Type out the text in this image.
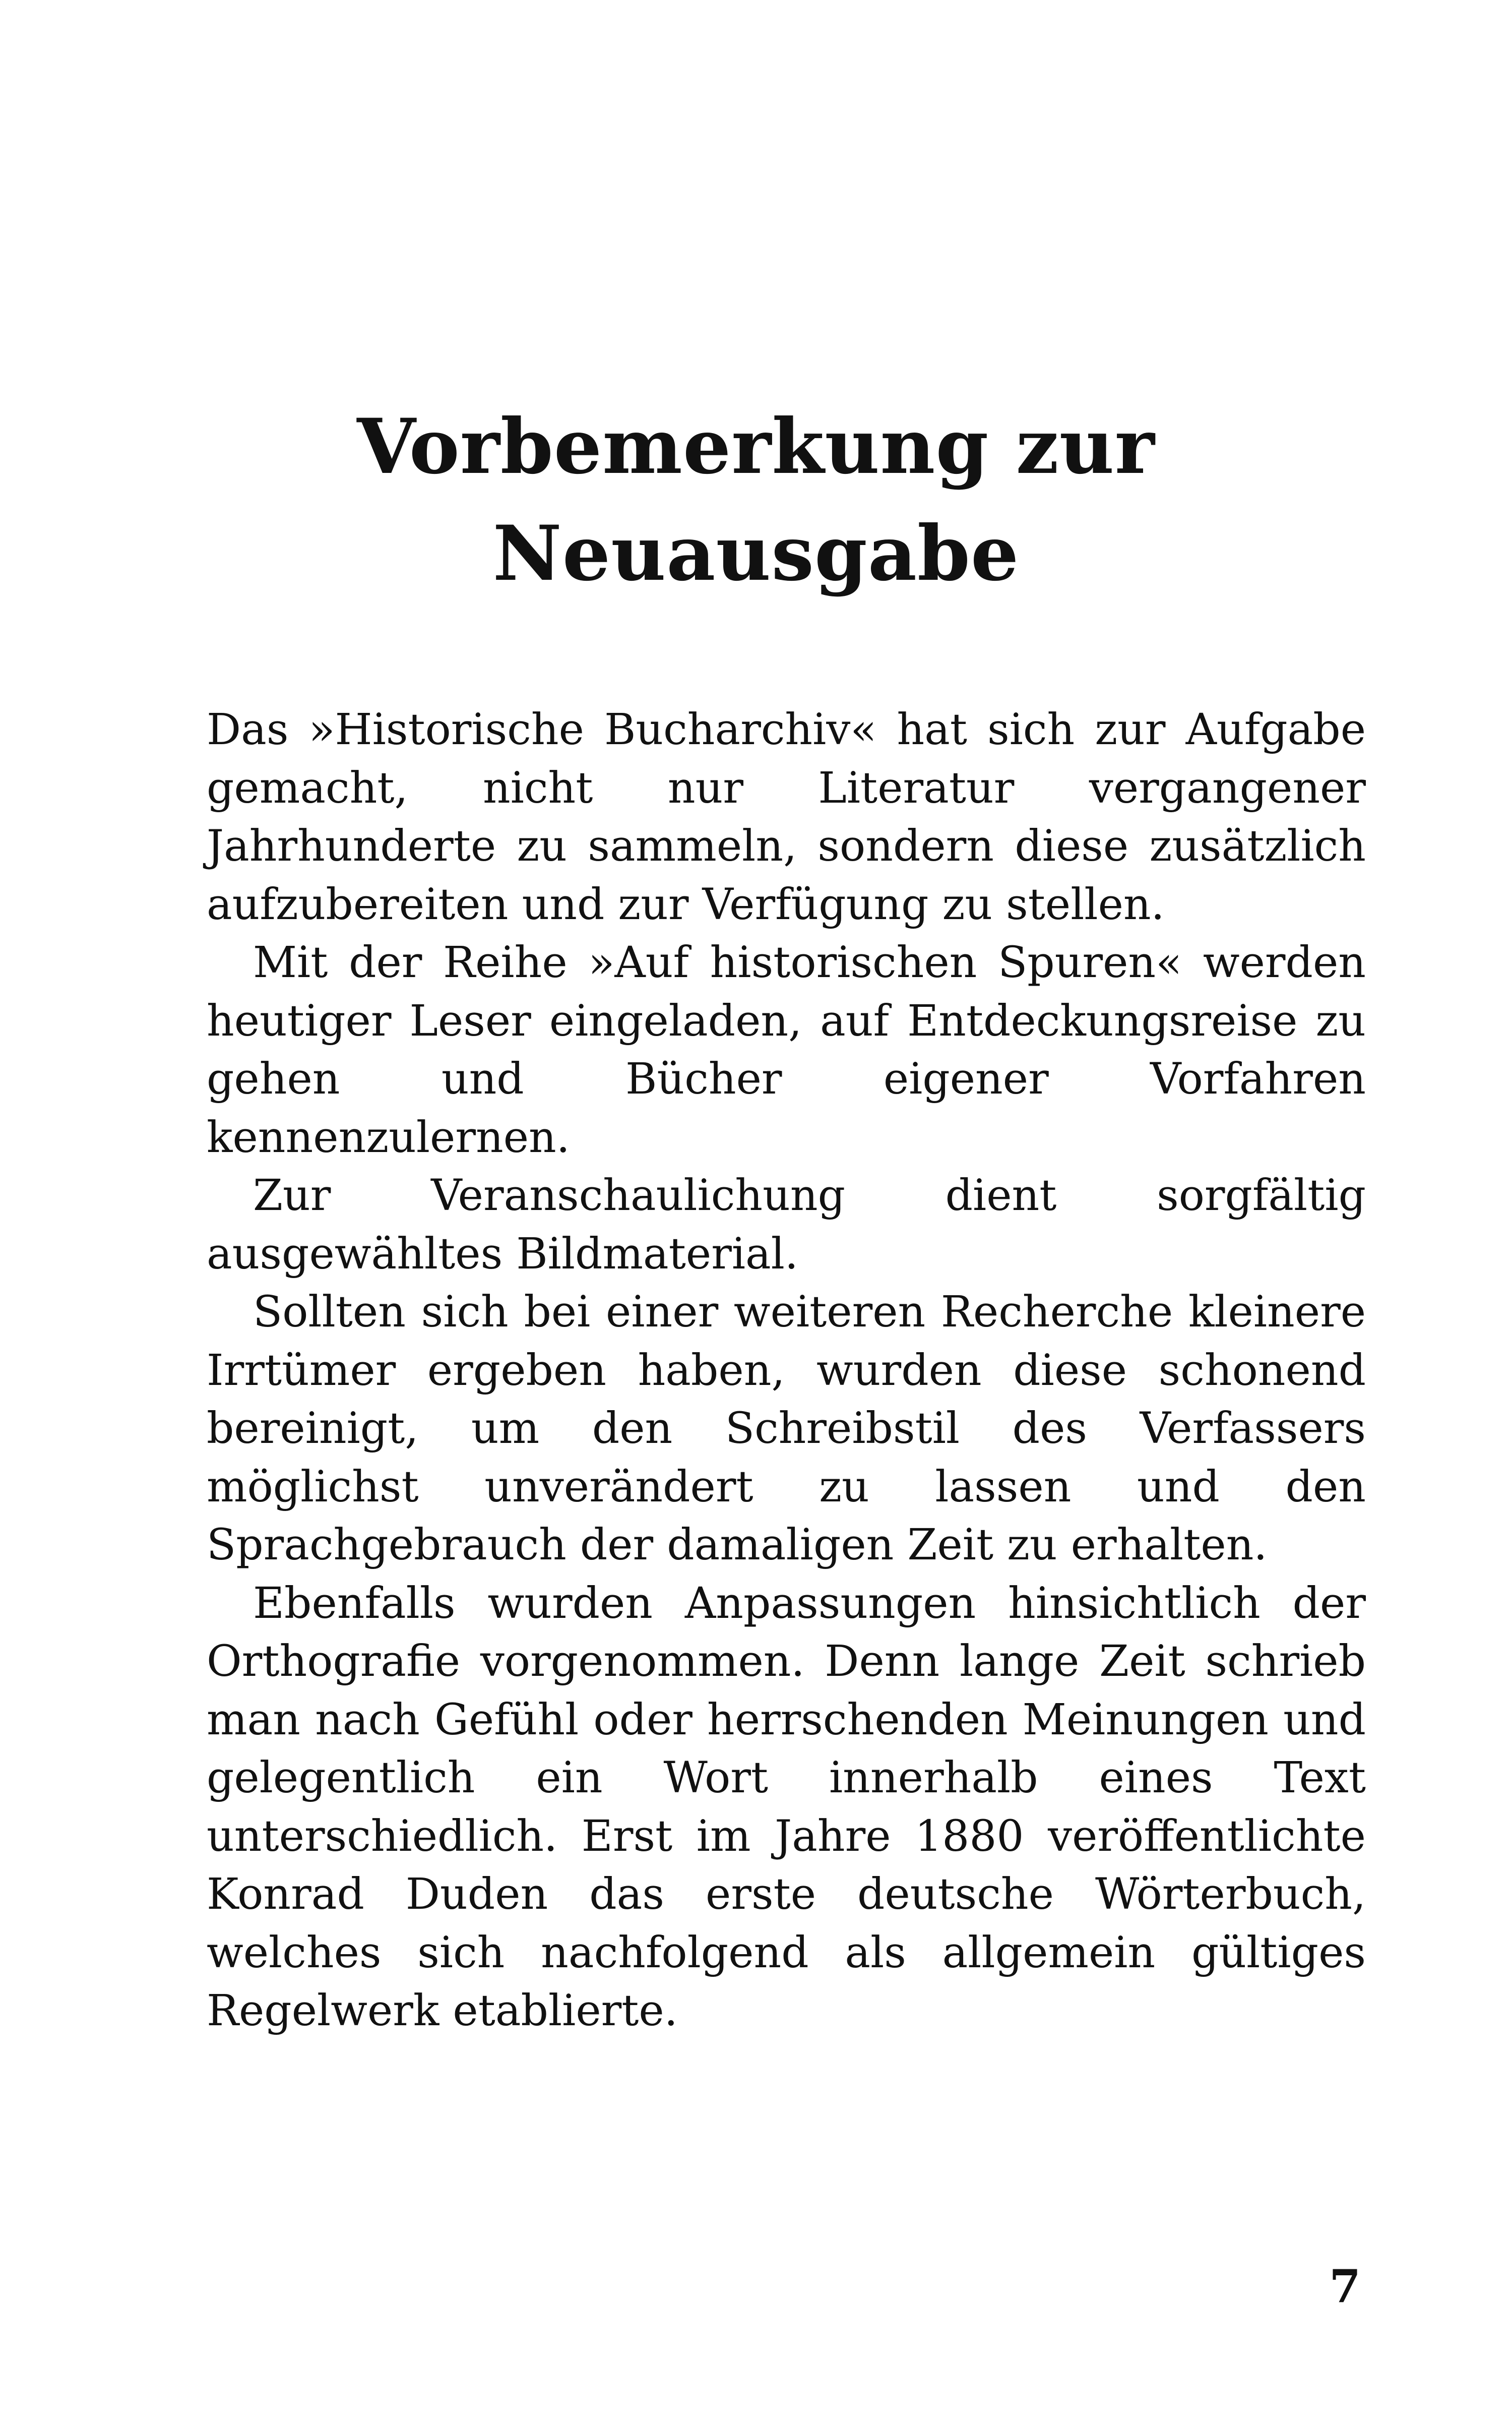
Vorbemerkung zur
Neuausgabe

Das »Historische Bucharchiv« hat sich zur Aufgabe gemacht, nicht nur Literatur vergangener Jahrhunderte zu sammeln, sondern diese zusätzlich aufzubereiten und zur Verfügung zu stellen.

Mit der Reihe »Auf historischen Spuren« werden heutiger Leser eingeladen, auf Entdeckungsreise zu gehen und Bücher eigener Vorfahren kennenzulernen.

Zur Veranschaulichung dient sorgfältig ausgewähltes Bildmaterial.

Sollten sich bei einer weiteren Recherche kleinere Irrtümer ergeben haben, wurden diese schonend bereinigt, um den Schreibstil des Verfassers möglichst unverändert zu lassen und den Sprachgebrauch der damaligen Zeit zu erhalten.

Ebenfalls wurden Anpassungen hinsichtlich der Orthografie vorgenommen. Denn lange Zeit schrieb man nach Gefühl oder herrschenden Meinungen und gelegentlich ein Wort innerhalb eines Text unterschiedlich. Erst im Jahre 1880 veröffentlichte Konrad Duden das erste deutsche Wörterbuch, welches sich nachfolgend als allgemein gültiges Regelwerk etablierte.

7
